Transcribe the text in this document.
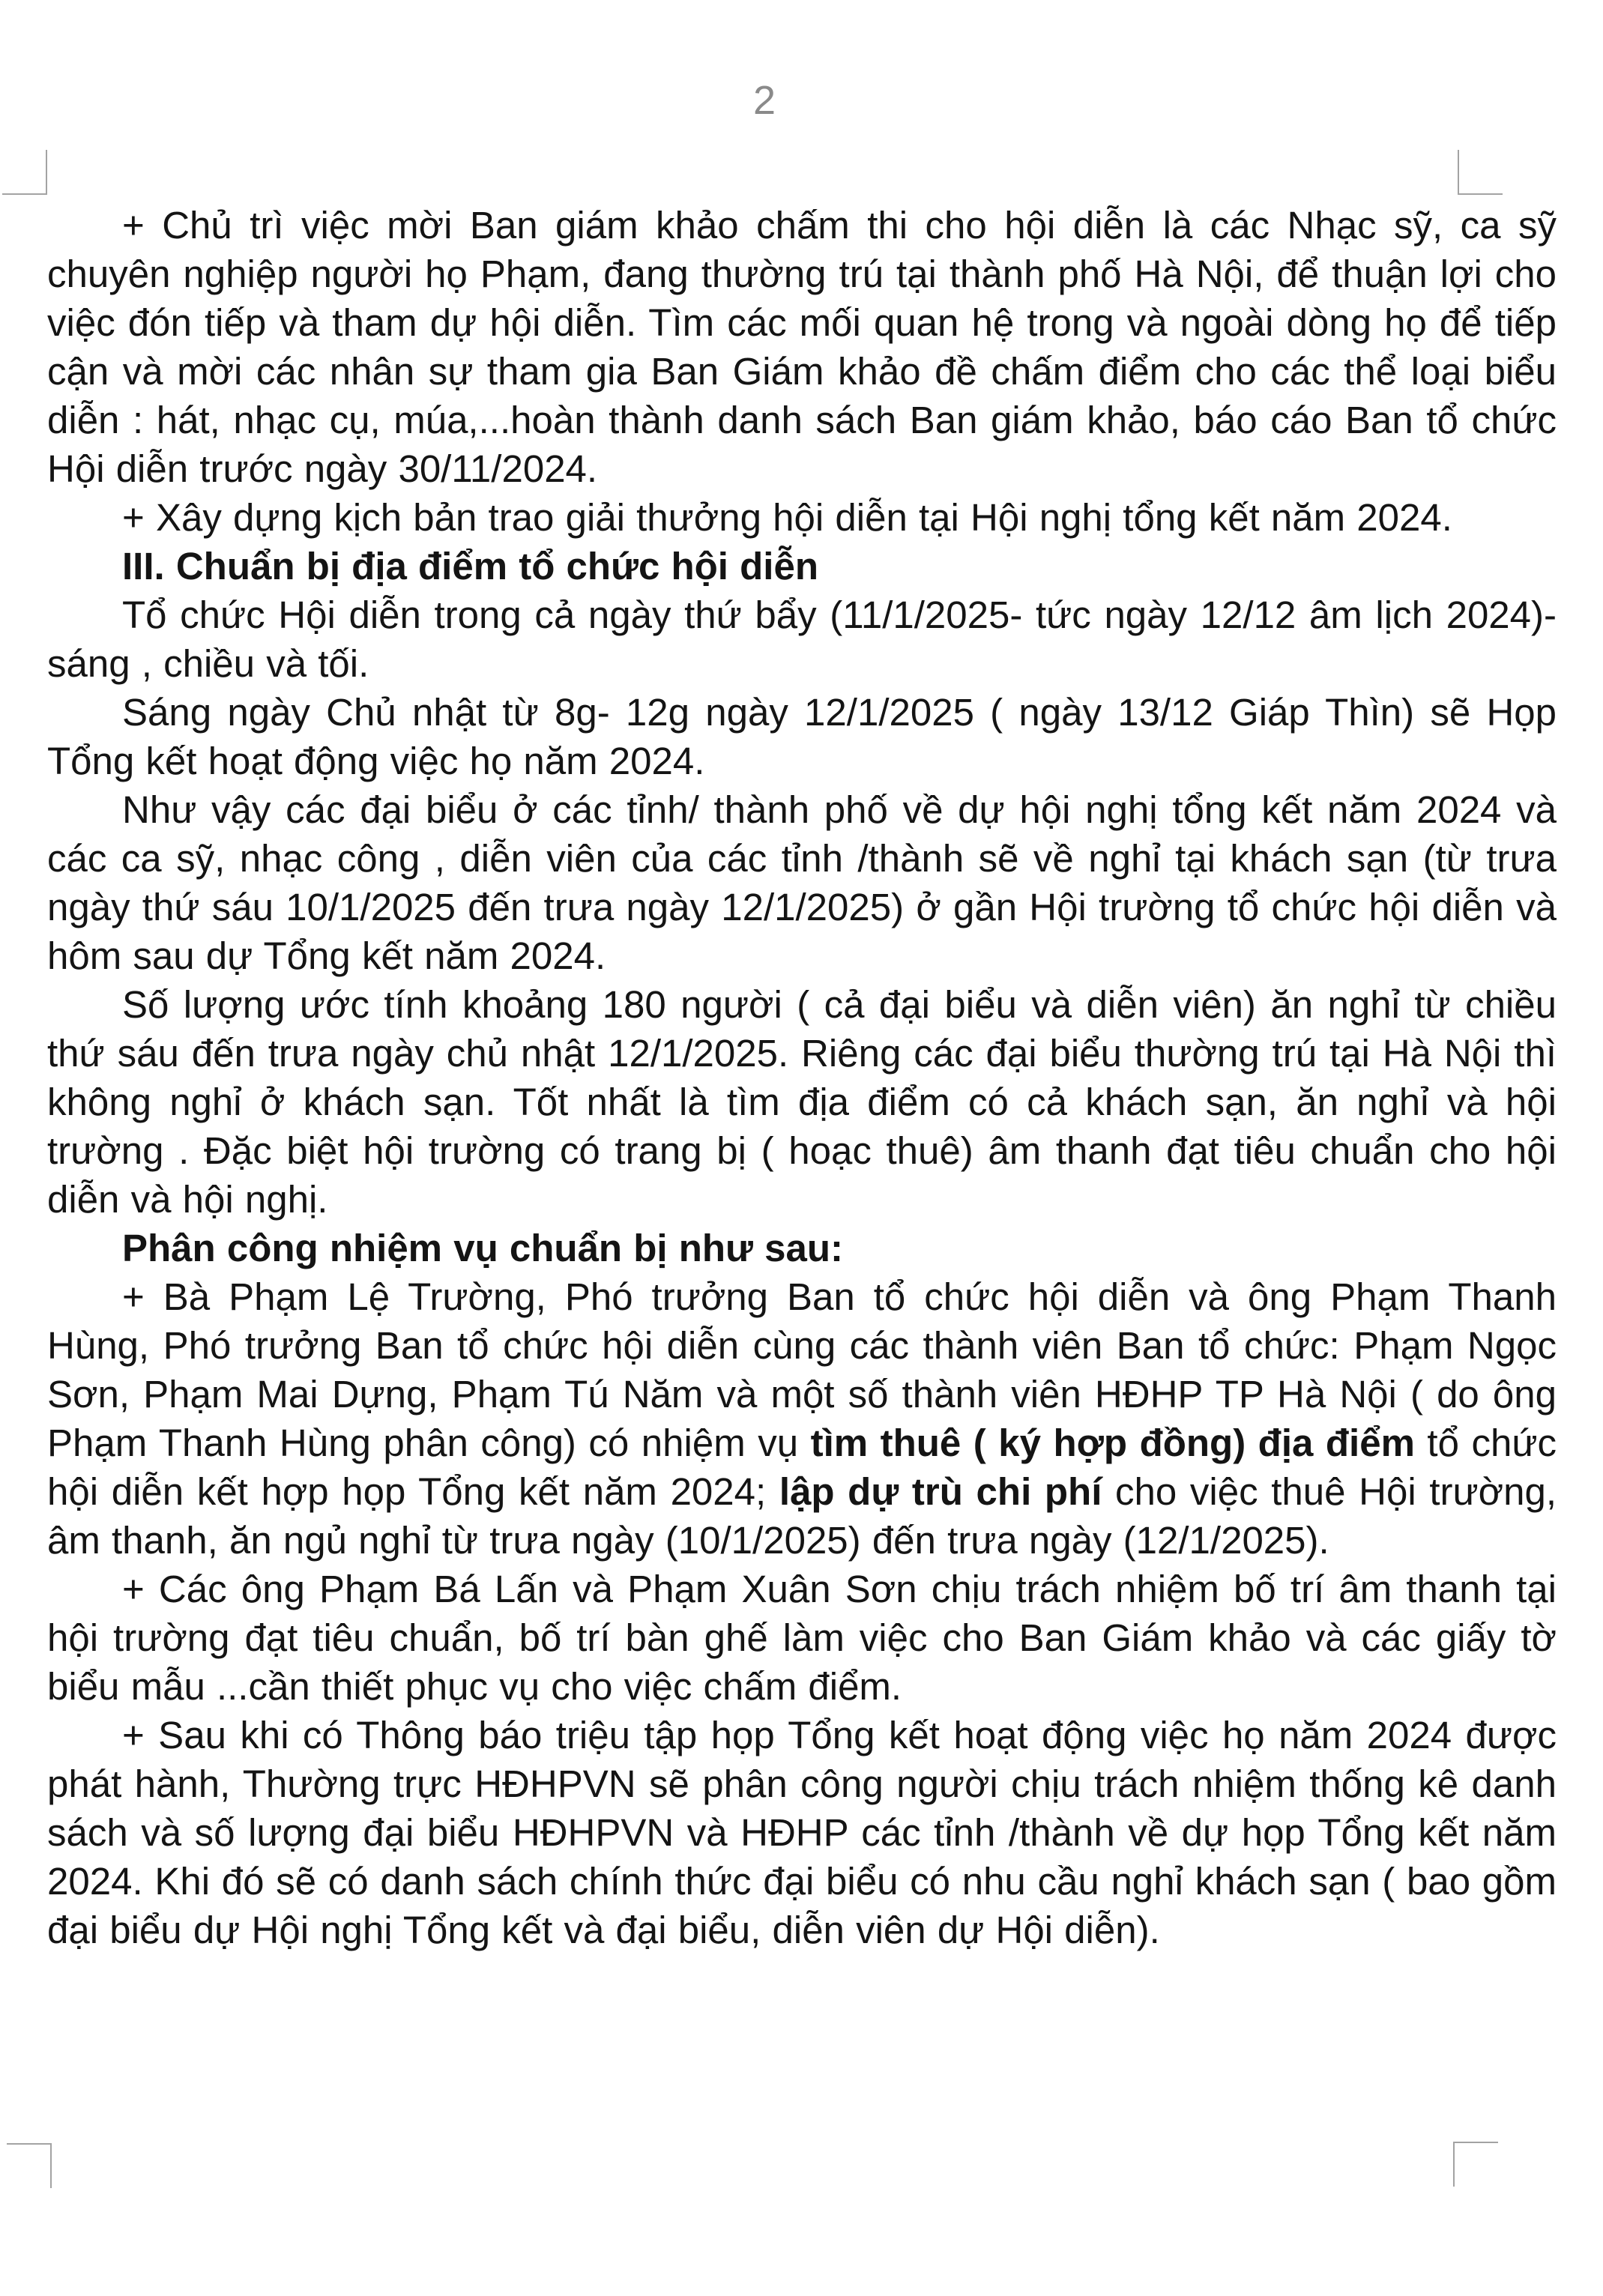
2

+ Chủ trì việc mời Ban giám khảo chấm thi cho hội diễn là các Nhạc sỹ, ca sỹ chuyên nghiệp người họ Phạm, đang thường trú tại thành phố Hà Nội, để thuận lợi cho việc đón tiếp và tham dự hội diễn. Tìm các mối quan hệ trong và ngoài dòng họ để tiếp cận và mời các nhân sự tham gia Ban Giám khảo đề chấm điểm cho các thể loại biểu diễn : hát, nhạc cụ, múa,...hoàn thành danh sách Ban giám khảo, báo cáo Ban tổ chức Hội diễn trước ngày 30/11/2024.

+ Xây dựng kịch bản trao giải thưởng hội diễn tại Hội nghị tổng kết năm 2024.

III. Chuẩn bị địa điểm tổ chức hội diễn

Tổ chức Hội diễn trong cả ngày thứ bẩy (11/1/2025- tức ngày 12/12 âm lịch 2024)- sáng , chiều và tối.

Sáng ngày Chủ nhật từ 8g- 12g ngày 12/1/2025 ( ngày 13/12 Giáp Thìn) sẽ Họp Tổng kết hoạt động việc họ năm 2024.

Như vậy các đại biểu ở các tỉnh/ thành phố về dự hội nghị tổng kết năm 2024 và các ca sỹ, nhạc công , diễn viên của các tỉnh /thành sẽ về nghỉ tại khách sạn (từ trưa ngày thứ sáu 10/1/2025 đến trưa ngày 12/1/2025) ở gần Hội trường tổ chức hội diễn và hôm sau dự Tổng kết năm 2024.

Số lượng ước tính khoảng 180 người ( cả đại biểu và diễn viên) ăn nghỉ từ chiều thứ sáu đến trưa ngày chủ nhật 12/1/2025. Riêng các đại biểu thường trú tại Hà Nội thì không nghỉ ở khách sạn. Tốt nhất là tìm địa điểm có cả khách sạn, ăn nghỉ và hội trường . Đặc biệt hội trường có trang bị ( hoạc thuê) âm thanh đạt tiêu chuẩn cho hội diễn và hội nghị.

Phân công nhiệm vụ chuẩn bị như sau:

+ Bà Phạm Lệ Trường, Phó trưởng Ban tổ chức hội diễn và ông Phạm Thanh Hùng, Phó trưởng Ban tổ chức hội diễn cùng các thành viên Ban tổ chức: Phạm Ngọc Sơn, Phạm Mai Dựng, Phạm Tú Năm và một số thành viên HĐHP TP Hà Nội ( do ông Phạm Thanh Hùng phân công) có nhiệm vụ tìm thuê ( ký hợp đồng) địa điểm tổ chức hội diễn kết hợp họp Tổng kết năm 2024; lập dự trù chi phí cho việc thuê Hội trường, âm thanh, ăn ngủ nghỉ từ trưa ngày (10/1/2025) đến trưa ngày (12/1/2025).

+ Các ông Phạm Bá Lấn và Phạm Xuân Sơn chịu trách nhiệm bố trí âm thanh tại hội trường đạt tiêu chuẩn, bố trí bàn ghế làm việc cho Ban Giám khảo và các giấy tờ biểu mẫu ...cần thiết phục vụ cho việc chấm điểm.

+ Sau khi có Thông báo triệu tập họp Tổng kết hoạt động việc họ năm 2024 được phát hành, Thường trực HĐHPVN sẽ phân công người chịu trách nhiệm thống kê danh sách và số lượng đại biểu HĐHPVN và HĐHP các tỉnh /thành về dự họp Tổng kết năm 2024. Khi đó sẽ có danh sách chính thức đại biểu có nhu cầu nghỉ khách sạn ( bao gồm đại biểu dự Hội nghị Tổng kết và đại biểu, diễn viên dự Hội diễn).
